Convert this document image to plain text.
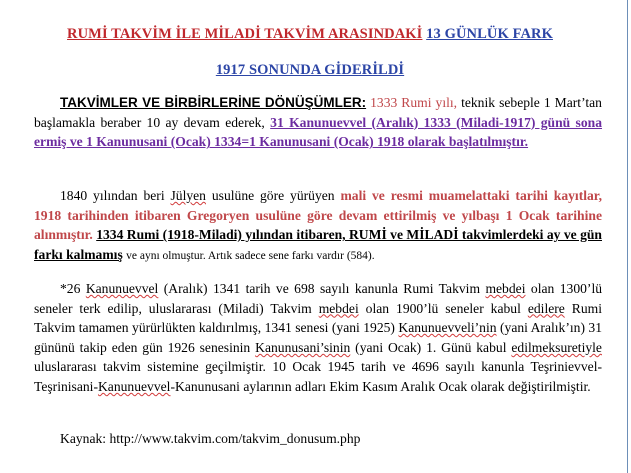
RUMİ TAKVİM İLE MİLADİ TAKVİM ARASINDAKİ 13 GÜNLÜK FARK
1917 SONUNDA GİDERİLDİ
TAKVİMLER VE BİRBİRLERİNE DÖNÜŞÜMLER: 1333 Rumi yılı, teknik sebeple 1 Mart’tan başlamakla beraber 10 ay devam ederek, 31 Kanunuevvel (Aralık) 1333 (Miladi-1917) günü sona ermiş ve 1 Kanunusani (Ocak) 1334=1 Kanunusani (Ocak) 1918 olarak başlatılmıştır.
1840 yılından beri Jülyen usulüne göre yürüyen mali ve resmi muamelattaki tarihi kayıtlar, 1918 tarihinden itibaren Gregoryen usulüne göre devam ettirilmiş ve yılbaşı 1 Ocak tarihine alınmıştır. 1334 Rumi (1918-Miladi) yılından itibaren, RUMİ ve MİLADİ takvimlerdeki ay ve gün farkı kalmamış ve aynı olmuştur. Artık sadece sene farkı vardır (584).
*26 Kanunuevvel (Aralık) 1341 tarih ve 698 sayılı kanunla Rumi Takvim mebdei olan 1300’lü seneler terk edilip, uluslararası (Miladi) Takvim mebdei olan 1900’lü seneler kabul edilere Rumi Takvim tamamen yürürlükten kaldırılmış, 1341 senesi (yani 1925) Kanunuevveli’nin (yani Aralık’ın) 31 gününü takip eden gün 1926 senesinin Kanunusani’sinin (yani Ocak) 1. Günü kabul edilmeksuretiyle uluslararası takvim sistemine geçilmiştir. 10 Ocak 1945 tarih ve 4696 sayılı kanunla Teşrinievvel-Teşrinisani-Kanunuevvel-Kanunusani aylarının adları Ekim Kasım Aralık Ocak olarak değiştirilmiştir.
Kaynak: http://www.takvim.com/takvim_donusum.php
